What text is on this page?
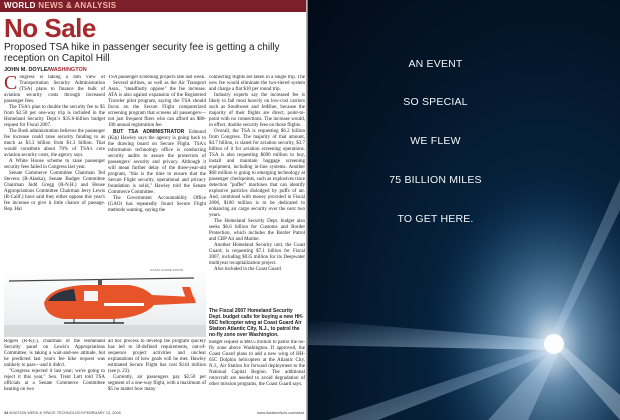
WORLD NEWS & ANALYSIS
No Sale
Proposed TSA hike in passenger security fee is getting a chilly reception on Capitol Hill
JOHN M. DOYLE/WASHINGTON
C ongress is taking a dim view of Transportation Security Administration (TSA) plans to finance the bulk of aviation security costs through increased passenger fees.

The TSA's plan to double the security fee to $5 from $2.50 per one-way trip is included in the Homeland Security Dept.'s $35.6-billion budget request for Fiscal 2007.

The Bush administration believes the passenger fee increase could raise security funding to as much as $3.3 billion from $1.3 billion. That would constitute about 70% of TSA's core aviation security costs, the agency says.

A White House scheme to raise passenger security fees failed in Congress last year.

Senate Commerce Committee Chairman Ted Stevens (R-Alaska), Senate Budget Committee Chairman Judd Gregg (R-N.H.) and House Appropriations Committee Chairman Jerry Lewis (R-Calif.) have said they either oppose this year's fee increase or give it little chance of passage. Rep. Hal

TSA passenger screening projects late last week.

Several airlines, as well as the Air Transport Assn., "steadfastly oppose" the fee increase. ATA is also against expansion of the Registered Traveler pilot program, saying the TSA should focus on the Secure Flight computerized screening program that screens all passengers—not just frequent fliers who can afford an $80-100 annual registration fee.

BUT TSA ADMINISTRATOR Edmund (Kip) Hawley says the agency is going back to the drawing board on Secure Flight. TSA's information technology office is conducting security audits to assure the protection of passengers' security and privacy. Although it will mean further delay of the three-year-old program, "this is the time to ensure that the Secure Flight security, operational and privacy foundation is solid," Hawley told the Senate Commerce Committee.

The Government Accountability Office (GAO) has repeatedly found Secure Flight methods wanting, saying the

connecting flights are taken in a single trip. The new fee would eliminate the two-tiered system and charge a flat $10 per round trip.

Industry experts say the increased fee is likely to fall most heavily on low-cost carriers such as Southwest and JetBlue, because the majority of their flights are direct, point-to-point with no connections. The increase would, in effect, double security fees on those flights.

Overall, the TSA is requesting $6.2 billion from Congress. The majority of that amount, $4.7 billion, is slated for aviation security, $3.7 billion of it for aviation screening operations. TSA is also requesting $690 million to buy, install and maintain baggage screening equipment, including in-line systems. Another $60 million is going to emerging technology at passenger checkpoints, such as explosives trace detection "puffer" machines that can identify explosive particles dislodged by puffs of air. And, combined with money provided in Fiscal 2006, $100 million is to be dedicated to enhancing air cargo security over the next two years.

The Homeland Security Dept. budget also seeks $6.6 billion for Customs and Border Protection, which includes the Border Patrol and CBP Air and Marine.

Another Homeland Security unit, the Coast Guard, is requesting $7.1 billion for Fiscal 2007, including $935 million for its Deepwater multiyear recapitalization project.

Also included in the Coast Guard

COAST GUARD PHOTO

Rogers (R-Ky.), chairman of the Homeland Security panel on Lewis's Appropriations Committee, is taking a wait-and-see attitude, but he predicted last year's fee hike request was unlikely to pass—and it didn't.

"Congress rejected it last year; we're going to reject it this year," Sen. Trent Lott told TSA officials at a Senate Commerce Committee hearing on two

ad hoc process to develop the program quickly has led to ill-defined requirements, out-of-sequence project activities and unclear explanations of how goals will be met. Hawley estimated Secure Flight has cost $144 million (see p. 23).

Currently, air passengers pay $2.50 per segment of a one-way flight, with a maximum of $5 no matter how many

The Fiscal 2007 Homeland Security Dept. budget calls for buying a new HH-65C helicopter wing at Coast Guard Air Station Atlantic City, N.J., to patrol the no-fly zone over Washington.

budget request is $60.5 million to patrol the no-fly zone above Washington. If approved, the Coast Guard plans to add a new wing of HH-65C Dolphin helicopters at the Atlantic City, N.J., Air Station for forward deployment to the National Capital Region. The additional rotorcraft are needed to avoid degradation of other mission programs, the Coast Guard says.

34 AVIATION WEEK & SPACE TECHNOLOGY/FEBRUARY 13, 2006	www.AviationNow.com/awst
AN EVENT
SO SPECIAL
WE FLEW
75 BILLION MILES
TO GET HERE.
